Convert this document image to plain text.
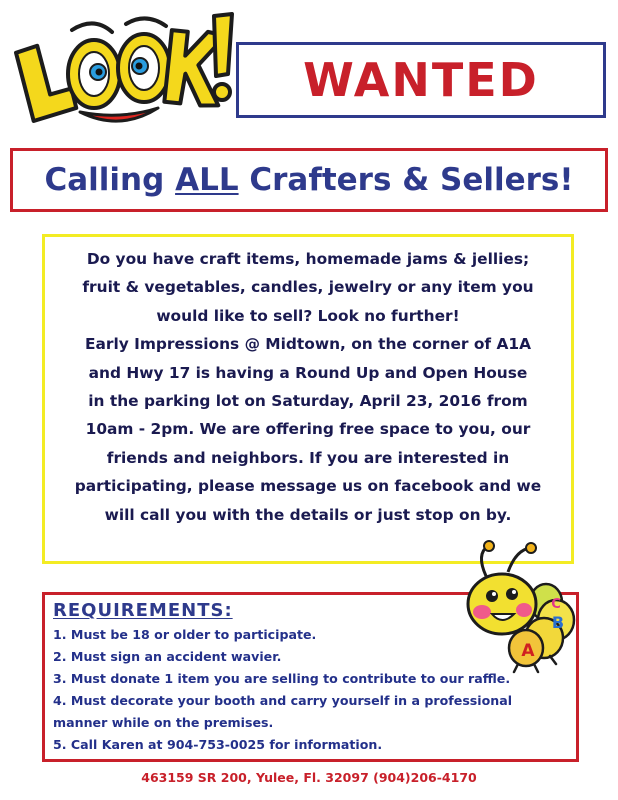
WANTED
Calling ALL Crafters & Sellers!

Do you have craft items, homemade jams & jellies;
fruit & vegetables, candles, jewelry or any item you
would like to sell? Look no further!
Early Impressions @ Midtown, on the corner of A1A
and Hwy 17 is having a Round Up and Open House
in the parking lot on Saturday, April 23, 2016 from
10am - 2pm. We are offering free space to you, our
friends and neighbors. If you are interested in
participating, please message us on facebook and we
will call you with the details or just stop on by.

REQUIREMENTS:

1. Must be 18 or older to participate.
2. Must sign an accident wavier.
3. Must donate 1 item you are selling to contribute to our raffle.
4. Must decorate your booth and carry yourself in a professional
manner while on the premises.
5. Call Karen at 904-753-0025 for information.
C
B
A
463159 SR 200, Yulee, Fl. 32097 (904)206-4170
